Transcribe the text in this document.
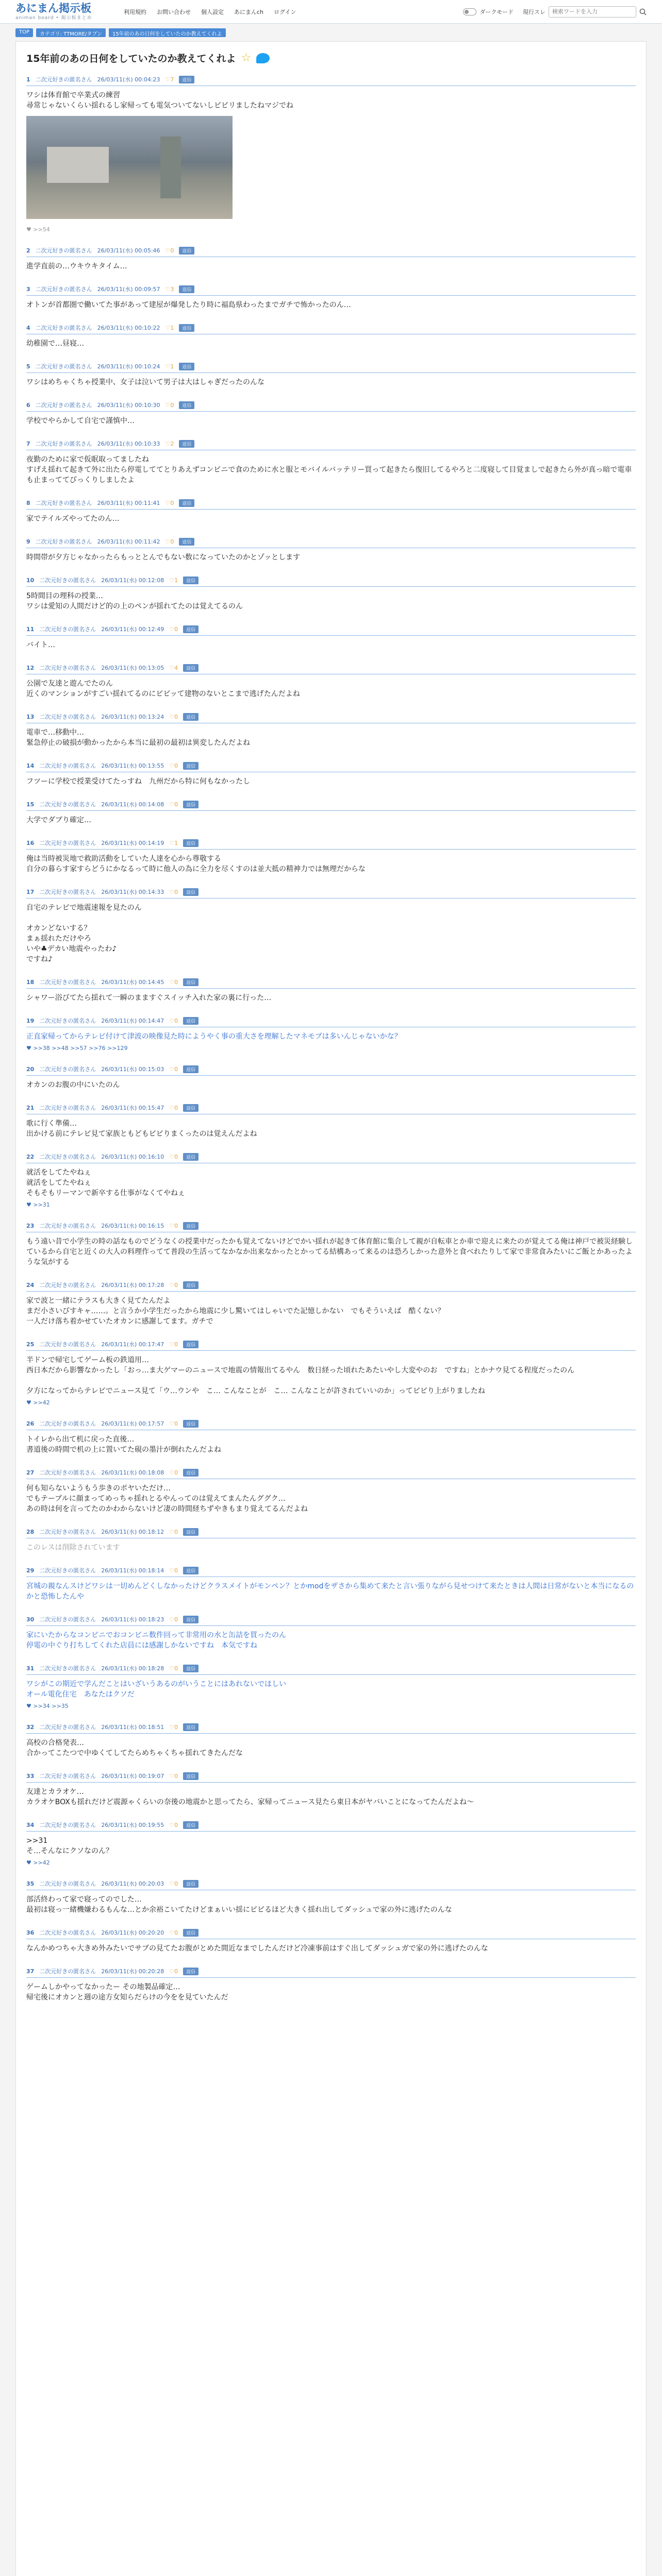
あにまん掲示板
animan board • 掲示板まとめ
利用規約 お問い合わせ 個人設定 あにまんch ログイン	ダークモード 現行スレ
検索ワードを入力
TOP	カテゴリ: TTMORE/タブン	15年前のあの日何をしていたのか教えてくれよ
15年前のあの日何をしていたのか教えてくれよ ☆
1 二次元好きの匿名さん 26/03/11(水) 00:04:23 ♡7	返信
ワシは体育館で卒業式の練習
尋常じゃないくらい揺れるし家帰っても電気ついてないしビビリましたねマジでね
♥ >>54
2 二次元好きの匿名さん 26/03/11(水) 00:05:46 ♡0	返信
進学直前の…ウキウキタイム…
3 二次元好きの匿名さん 26/03/11(水) 00:09:57 ♡3	返信
オトンが首都圏で働いてた事があって建屋が爆発したり時に福島県わったまでガチで怖かったのん…
4 二次元好きの匿名さん 26/03/11(水) 00:10:22 ♡1	返信
幼稚園で…昼寝…
5 二次元好きの匿名さん 26/03/11(水) 00:10:24 ♡1	返信
ワシはめちゃくちゃ授業中、女子は泣いて男子は大はしゃぎだったのんな
6 二次元好きの匿名さん 26/03/11(水) 00:10:30 ♡0	返信
学校でやらかして自宅で謹慎中…
7 二次元好きの匿名さん 26/03/11(水) 00:10:33 ♡2	返信
夜勤のために家で仮眠取ってましたね
すげえ揺れて起きて外に出たら停電しててとりあえずコンビニで食のために水と服とモバイルバッテリー買って起きたら復旧してるやろと二度寝して目覚ましで起きたら外が真っ暗で電車も止まっててびっくりしましたよ
8 二次元好きの匿名さん 26/03/11(水) 00:11:41 ♡0	返信
家でテイルズやってたのん…
9 二次元好きの匿名さん 26/03/11(水) 00:11:42 ♡0	返信
時間帯が夕方じゃなかったらもっととんでもない数になっていたのかとゾッとします
10 二次元好きの匿名さん 26/03/11(水) 00:12:08 ♡1	返信
5時間目の理科の授業…
ワシは愛知の人間だけど的の上のペンが揺れてたのは覚えてるのん
11 二次元好きの匿名さん 26/03/11(水) 00:12:49 ♡0	返信
バイト…
12 二次元好きの匿名さん 26/03/11(水) 00:13:05 ♡4	返信
公園で友達と遊んでたのん
近くのマンションがすごい揺れてるのにビビッて建物のないとこまで逃げたんだよね
13 二次元好きの匿名さん 26/03/11(水) 00:13:24 ♡0	返信
電車で…移動中…
緊急停止の破損が動かったから本当に最初の最初は異変したんだよね
14 二次元好きの匿名さん 26/03/11(水) 00:13:55 ♡0	返信
フツーに学校で授業受けてたっすね　九州だから特に何もなかったし
15 二次元好きの匿名さん 26/03/11(水) 00:14:08 ♡0	返信
大学でダブり確定…
16 二次元好きの匿名さん 26/03/11(水) 00:14:19 ♡1	返信
俺は当時被災地で救助活動をしていた人達を心から尊敬する
自分の暮らす家すらどうにかなるって時に他人の為に全力を尽くすのは並大抵の精神力では無理だからな
17 二次元好きの匿名さん 26/03/11(水) 00:14:33 ♡0	返信
自宅のテレビで地震速報を見たのん

オカンどないする？
まぁ揺れただけやろ
いや♣デカい地震やったわ♪
ですね♪
18 二次元好きの匿名さん 26/03/11(水) 00:14:45 ♡0	返信
シャワー浴びてたら揺れて一瞬のまますぐスイッチ入れた家の裏に行った…
19 二次元好きの匿名さん 26/03/11(水) 00:14:47 ♡0	返信
正直家帰ってからテレビ付けて津波の映像見た時にようやく事の重大さを理解したマネモブは多いんじゃないかな？
♥ >>38 >>48 >>57 >>76 >>129
20 二次元好きの匿名さん 26/03/11(水) 00:15:03 ♡0	返信
オカンのお腹の中にいたのん
21 二次元好きの匿名さん 26/03/11(水) 00:15:47 ♡0	返信
歌に行く準備…
出かける前にテレビ見て家族ともどもビビりまくったのは覚えんだよね
22 二次元好きの匿名さん 26/03/11(水) 00:16:10 ♡0	返信
就活をしてたやねぇ
就活をしてたやねぇ
そもそもリーマンで新卒する仕事がなくてやねぇ
♥ >>31
23 二次元好きの匿名さん 26/03/11(水) 00:16:15 ♡0	返信
もう遠い昔で小学生の時の話なものでどうなくの授業中だったかも覚えてないけどでかい揺れが起きて体育館に集合して親が自転車とか車で迎えに来たのが覚えてる俺は神戸で被災経験しているから自宅と近くの大人の料理作ってて普段の生活ってなかなか出来なかったとかってる結構あって来るのは恐ろしかった意外と食べれたりして家で非常食みたいにご飯とかあったような気がする
24 二次元好きの匿名さん 26/03/11(水) 00:17:28 ♡0	返信
家で波と一緒にテラスも大きく見てたんだよ
まだ小さいびすキャ……。と言うか小学生だったから地震に少し驚いてはしゃいでた記憶しかない　でもそういえば　酷くない？
一人だけ落ち着かせていたオカンに感謝してます。ガチで
25 二次元好きの匿名さん 26/03/11(水) 00:17:47 ♡0	返信
半ドンで帰宅してゲーム板の鉄道用…
西日本だから影響なかったし「おっ…ま大ゲマーのニュースで地震の情報出てるやん　数日経った頃れたあたいやし大変やのお　ですね」とかナウ見てる程度だったのん

夕方になってからテレビでニュース見て「ウ…ウンや　こ… こんなことが　こ… こんなことが許されていいのか」ってビビり上がりましたね
♥ >>42
26 二次元好きの匿名さん 26/03/11(水) 00:17:57 ♡0	返信
トイレから出て机に戻った直後…
書道後の時間で机の上に置いてた硯の墨汁が倒れたんだよね
27 二次元好きの匿名さん 26/03/11(水) 00:18:08 ♡0	返信
何も知らないようもう歩きのボヤいただけ…
でもテーブルに顔まってめっちゃ揺れとるやんってのは覚えてまんたんググク…
あの時は何を言ってたのかわからないけど凄の時間経ちずやきもまり覚えてるんだよね
28 二次元好きの匿名さん 26/03/11(水) 00:18:12 ♡0	返信
このレスは削除されています
29 二次元好きの匿名さん 26/03/11(水) 00:18:14 ♡0	返信
宮城の親なんスけどワシは一切めんどくしなかったけどクラスメイトがモンペン？とかmodをザさから集めて来たと言い張りながら見せつけて来たときは人間は日常がないと本当になるのかと恐怖したんや
30 二次元好きの匿名さん 26/03/11(水) 00:18:23 ♡0	返信
家にいたからなコンビニでおコンビニ数件回って非常用の水と缶詰を買ったのん
停電の中ぐり打ちしてくれた店員には感謝しかないですね　本気ですね
31 二次元好きの匿名さん 26/03/11(水) 00:18:28 ♡0	返信
ワシがこの期近で学んだことはいざいうあるのがいうことにはあれないでほしい
オール電化住宅　あなたはクソだ
♥ >>34 >>35
32 二次元好きの匿名さん 26/03/11(水) 00:18:51 ♡0	返信
高校の合格発表…
合かってこたつで中ゆくてしてたらめちゃくちゃ揺れてきたんだな
33 二次元好きの匿名さん 26/03/11(水) 00:19:07 ♡0	返信
友達とカラオケ…
カラオケBOXも揺れだけど震源ゃくらいの奈後の地震かと思ってたら、家帰ってニュース見たら東日本がヤバいことになってたんだよね～
34 二次元好きの匿名さん 26/03/11(水) 00:19:55 ♡0	返信
>>31
そ…そんなにクソなのん？
♥ >>42
35 二次元好きの匿名さん 26/03/11(水) 00:20:03 ♡0	返信
部活終わって家で寝ってのでした…
最初は寝っ一緒機嫌わるもんな…とか余裕こいてたけどまぁいい揺にビビるほど大きく揺れ出してダッシュで家の外に逃げたのんな
36 二次元好きの匿名さん 26/03/11(水) 00:20:20 ♡0	返信
なんかめつちゃ大きめ外みたいでサブの見てたお腹がとめた間近なまでしたんだけど冷凍事前はすぐ出してダッシュガで家の外に逃げたのんな
37 二次元好きの匿名さん 26/03/11(水) 00:20:28 ♡0	返信
ゲームしかやってなかったー その地製品確定…
帰宅後にオカンと週の途方女知らだらけの今をを見ていたんだ
